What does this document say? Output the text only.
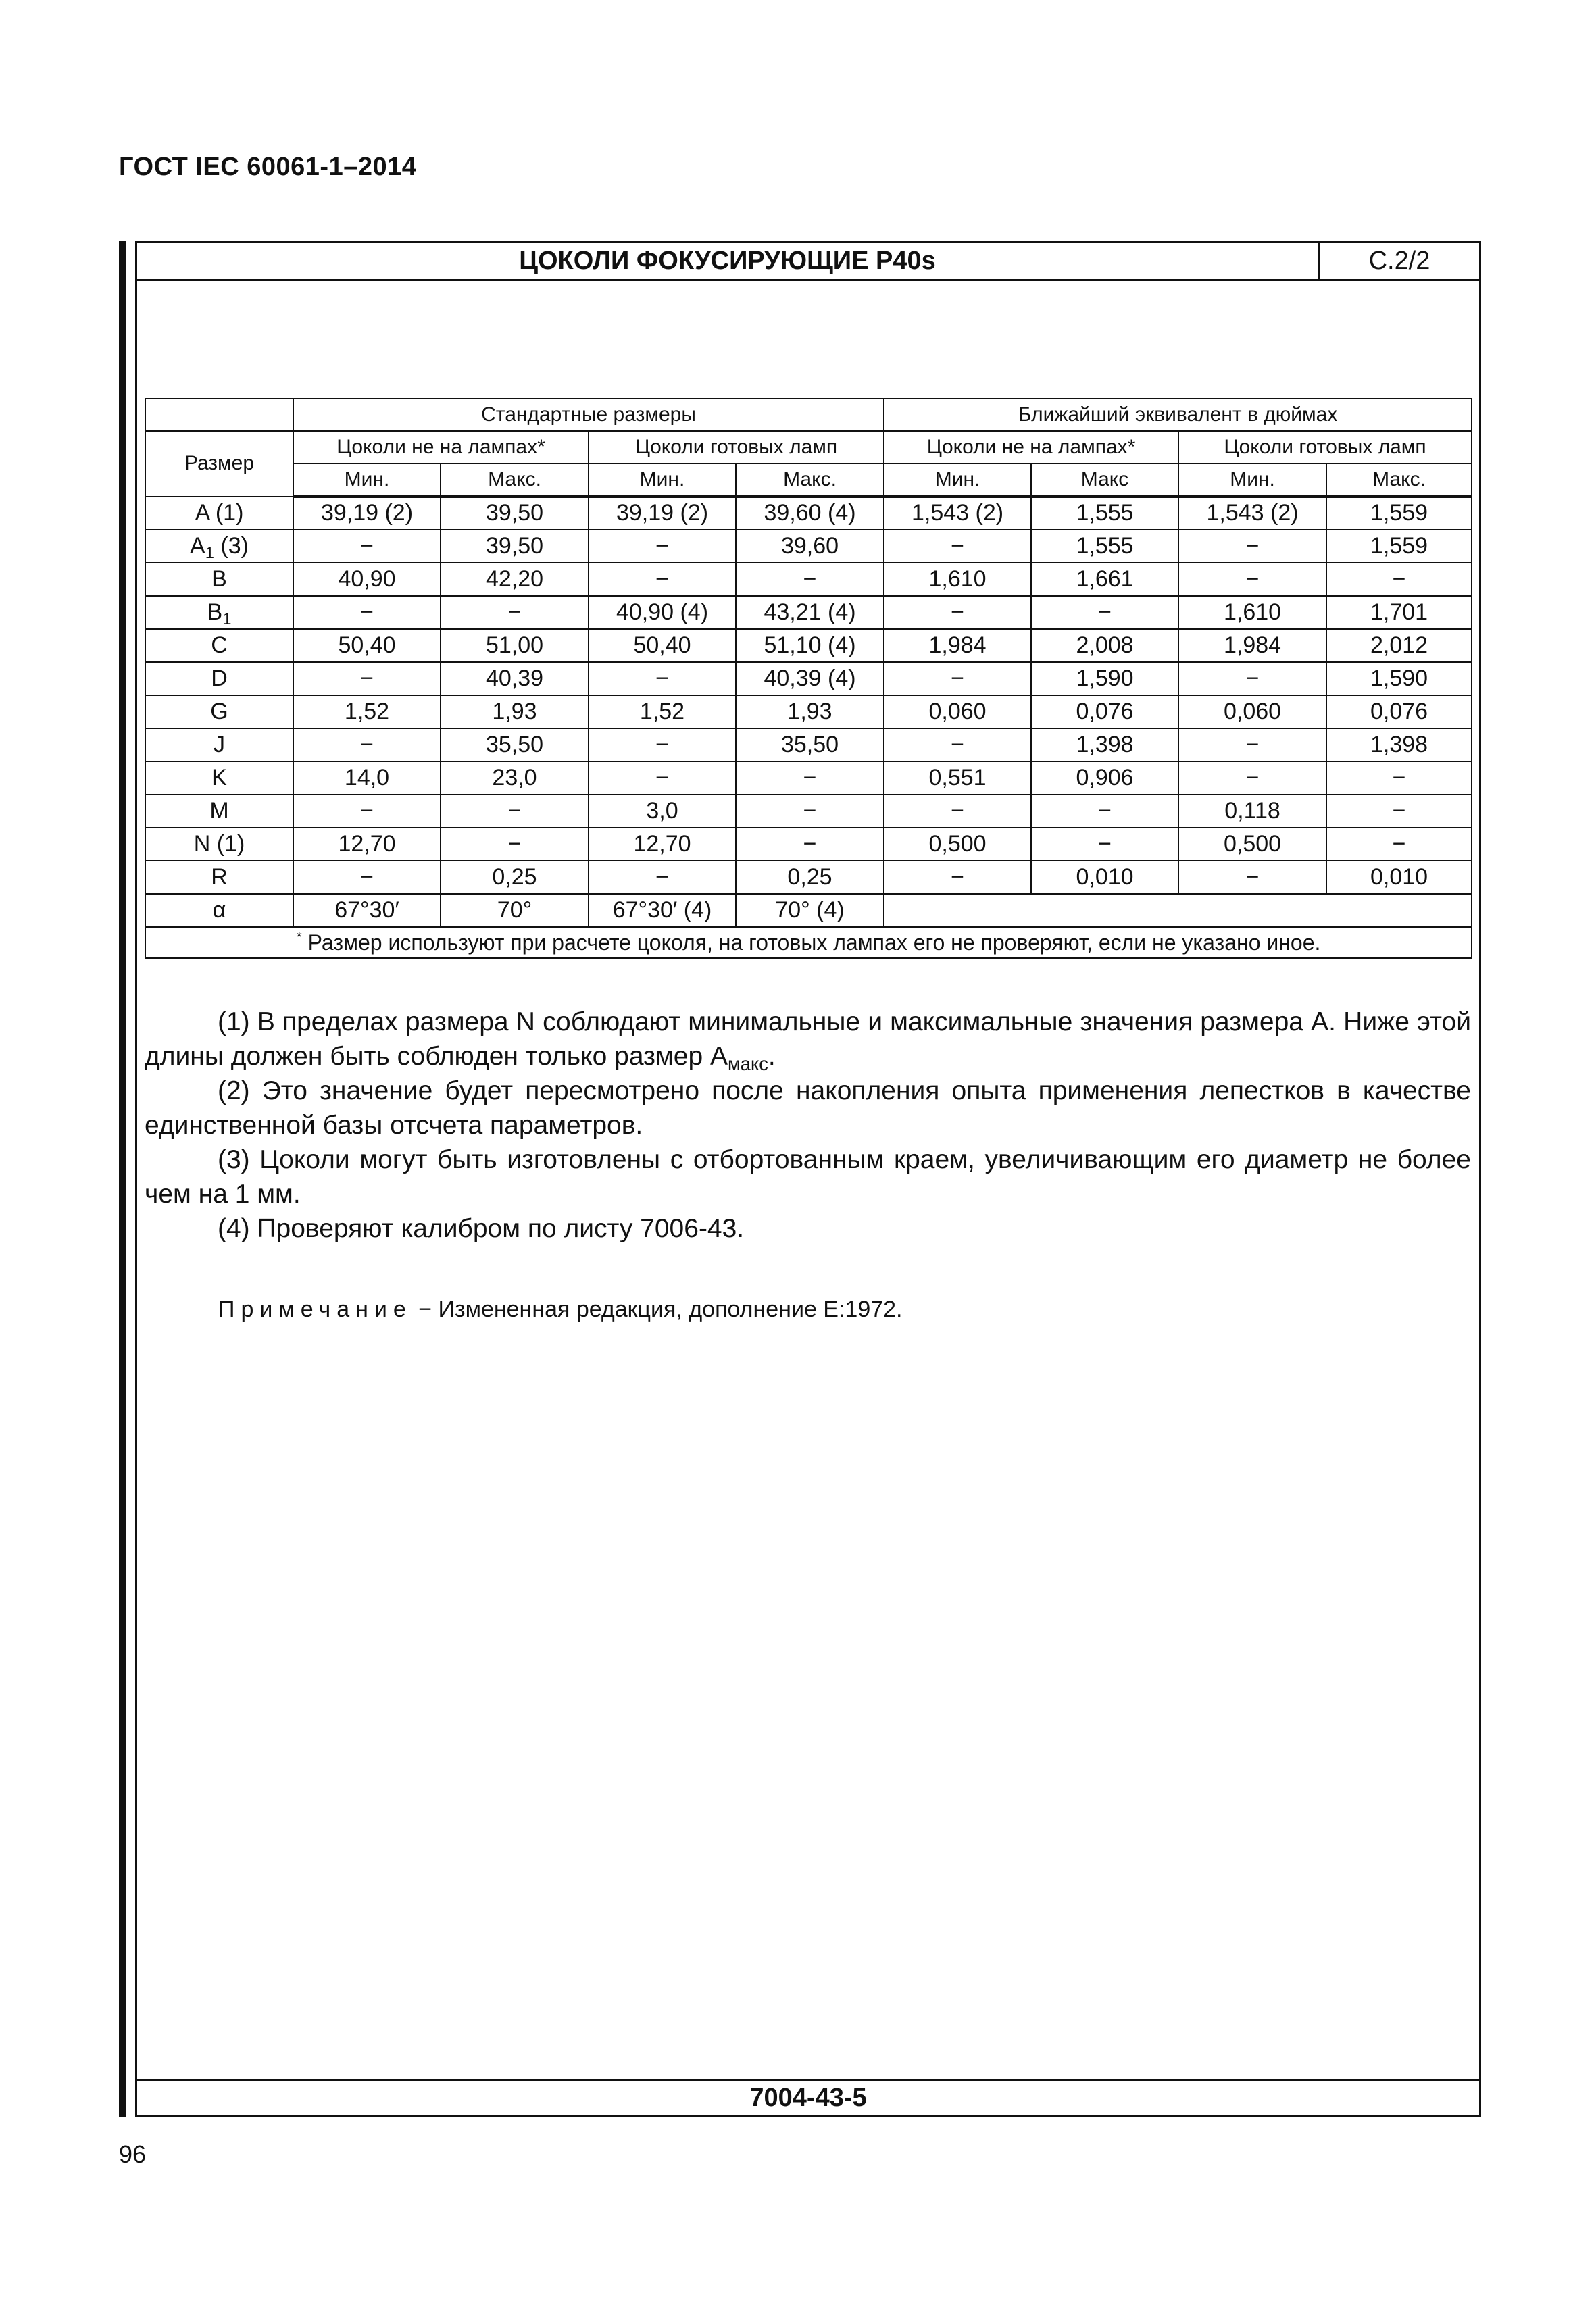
ГОСТ IEC 60061-1–2014
ЦОКОЛИ ФОКУСИРУЮЩИЕ Р40s	С.2/2
	Стандартные размеры				Ближайший эквивалент в дюймах			
Размер	Цоколи не на лампах*		Цоколи готовых ламп		Цоколи не на лампах*		Цоколи готовых ламп	
	Мин.	Макс.	Мин.	Макс.	Мин.	Макс	Мин.	Макс.
A (1)	39,19 (2)	39,50	39,19 (2)	39,60 (4)	1,543 (2)	1,555	1,543 (2)	1,559
$A_1$ (3)	−	39,50	−	39,60	−	1,555	−	1,559
B	40,90	42,20	−	−	1,610	1,661	−	−
$B_1$	−	−	40,90 (4)	43,21 (4)	−	−	1,610	1,701
C	50,40	51,00	50,40	51,10 (4)	1,984	2,008	1,984	2,012
D	−	40,39	−	40,39 (4)	−	1,590	−	1,590
G	1,52	1,93	1,52	1,93	0,060	0,076	0,060	0,076
J	−	35,50	−	35,50	−	1,398	−	1,398
K	14,0	23,0	−	−	0,551	0,906	−	−
M	−	−	3,0	−	−	−	0,118	−
N (1)	12,70	−	12,70	−	0,500	−	0,500	−
R	−	0,25	−	0,25	−	0,010	−	0,010
α	67°30′	70°	67°30′ (4)	70° (4)				
* Размер используют при расчете цоколя, на готовых лампах его не проверяют, если не указано иное.								

(1) В пределах размера N соблюдают минимальные и максимальные значения размера А. Ниже этой длины должен быть соблюден только размер $А_{макс}$.

(2) Это значение будет пересмотрено после накопления опыта применения лепестков в качестве единственной базы отсчета параметров.

(3) Цоколи могут быть изготовлены с отбортованным краем, увеличивающим его диаметр не более чем на 1 мм.

(4) Проверяют калибром по листу 7006-43.

Примечание − Измененная редакция, дополнение Е:1972.
7004-43-5
96
